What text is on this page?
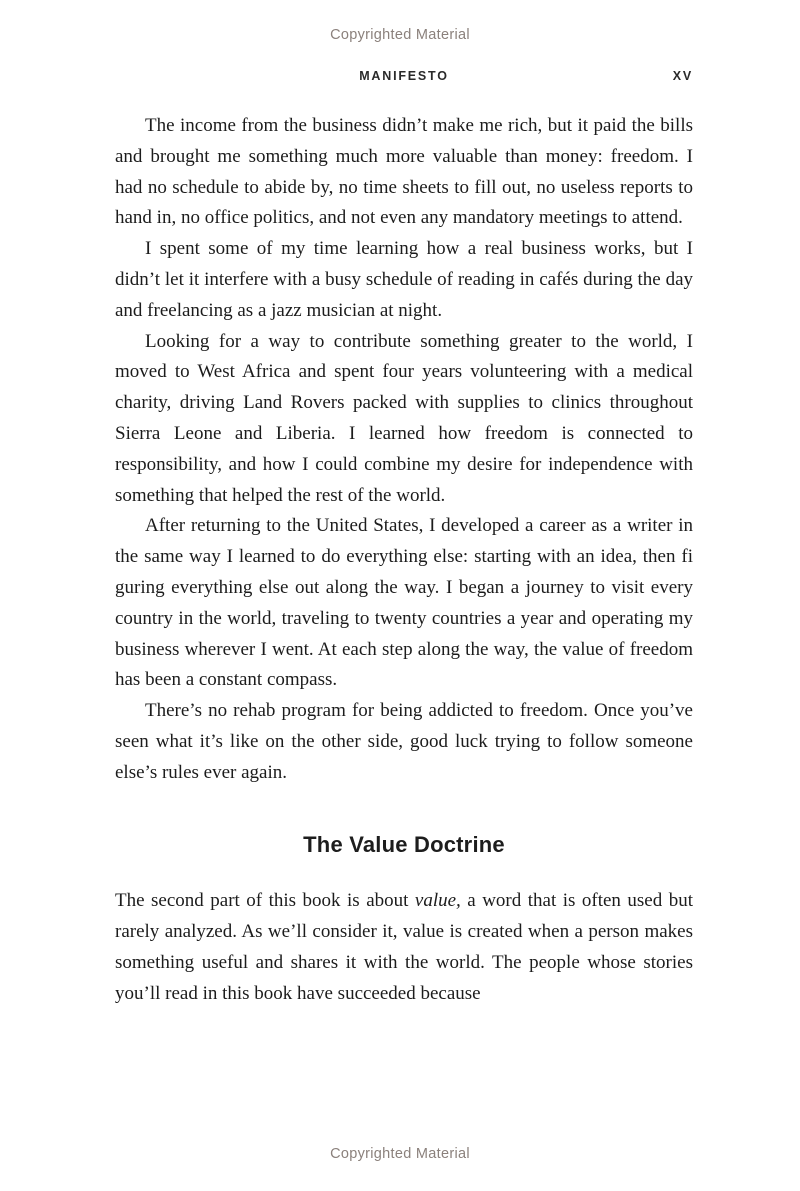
Copyrighted Material
MANIFESTO	XV

The income from the business didn’t make me rich, but it paid the bills and brought me something much more valuable than money: freedom. I had no schedule to abide by, no time sheets to fill out, no useless reports to hand in, no office politics, and not even any mandatory meetings to attend.

I spent some of my time learning how a real business works, but I didn’t let it interfere with a busy schedule of reading in cafés during the day and freelancing as a jazz musician at night.

Looking for a way to contribute something greater to the world, I moved to West Africa and spent four years volunteering with a medical charity, driving Land Rovers packed with supplies to clinics throughout Sierra Leone and Liberia. I learned how freedom is connected to responsibility, and how I could combine my desire for independence with something that helped the rest of the world.

After returning to the United States, I developed a career as a writer in the same way I learned to do everything else: starting with an idea, then fi guring everything else out along the way. I began a journey to visit every country in the world, traveling to twenty countries a year and operating my business wherever I went. At each step along the way, the value of freedom has been a constant compass.

There’s no rehab program for being addicted to freedom. Once you’ve seen what it’s like on the other side, good luck trying to follow someone else’s rules ever again.

The Value Doctrine

The second part of this book is about value, a word that is often used but rarely analyzed. As we’ll consider it, value is created when a person makes something useful and shares it with the world. The people whose stories you’ll read in this book have succeeded because

Copyrighted Material
